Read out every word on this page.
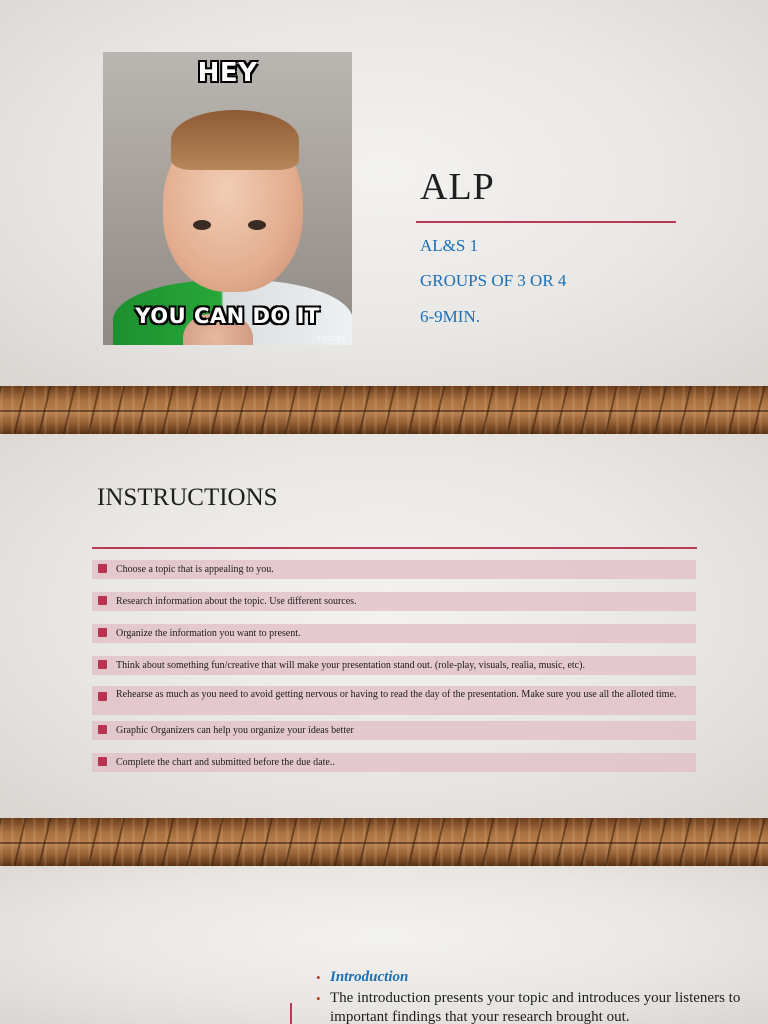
HEY
YOU CAN DO IT
TOOLBX
ALP
AL&S 1
GROUPS OF 3 OR 4
6-9MIN.
INSTRUCTIONS
Choose a topic that is appealing to you.
Research information about the topic. Use different sources.
Organize the information you want to present.
Think about something fun/creative that will make your presentation stand out. (role-play, visuals, realia, music, etc).
Rehearse as much as you need to avoid getting nervous or having to read the day of the presentation. Make sure you use all the alloted time.
Graphic Organizers can help you organize your ideas better
Complete the chart and submitted before the due date..
• Introduction
• The introduction presents your topic and introduces your listeners to important findings that your research brought out.
